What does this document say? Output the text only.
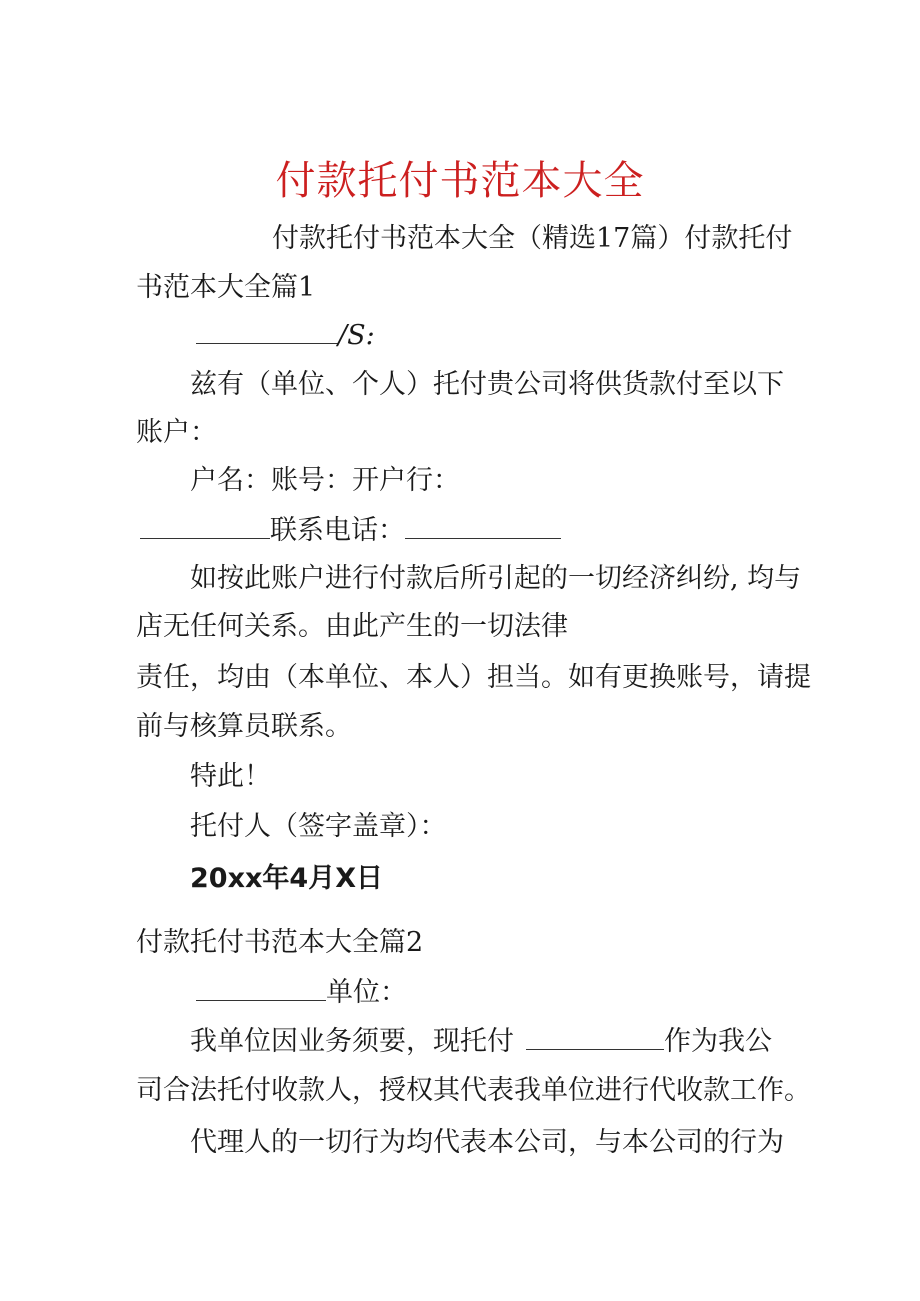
付款托付书范本大全
付款托付书范本大全（精选17篇）付款托付
书范本大全篇1
/S:
兹有（单位、个人）托付贵公司将供货款付至以下
账户：
户名：账号：开户行：
联系电话：
如按此账户进行付款后所引起的一切经济纠纷, 均与
店无任何关系。由此产生的一切法律
责任，均由（本单位、本人）担当。如有更换账号，请提
前与核算员联系。
特此！
托付人（签字盖章）：
20xx年4月X日
付款托付书范本大全篇2
单位：
我单位因业务须要，现托付	作为我公
司合法托付收款人，授权其代表我单位进行代收款工作。
代理人的一切行为均代表本公司，与本公司的行为
